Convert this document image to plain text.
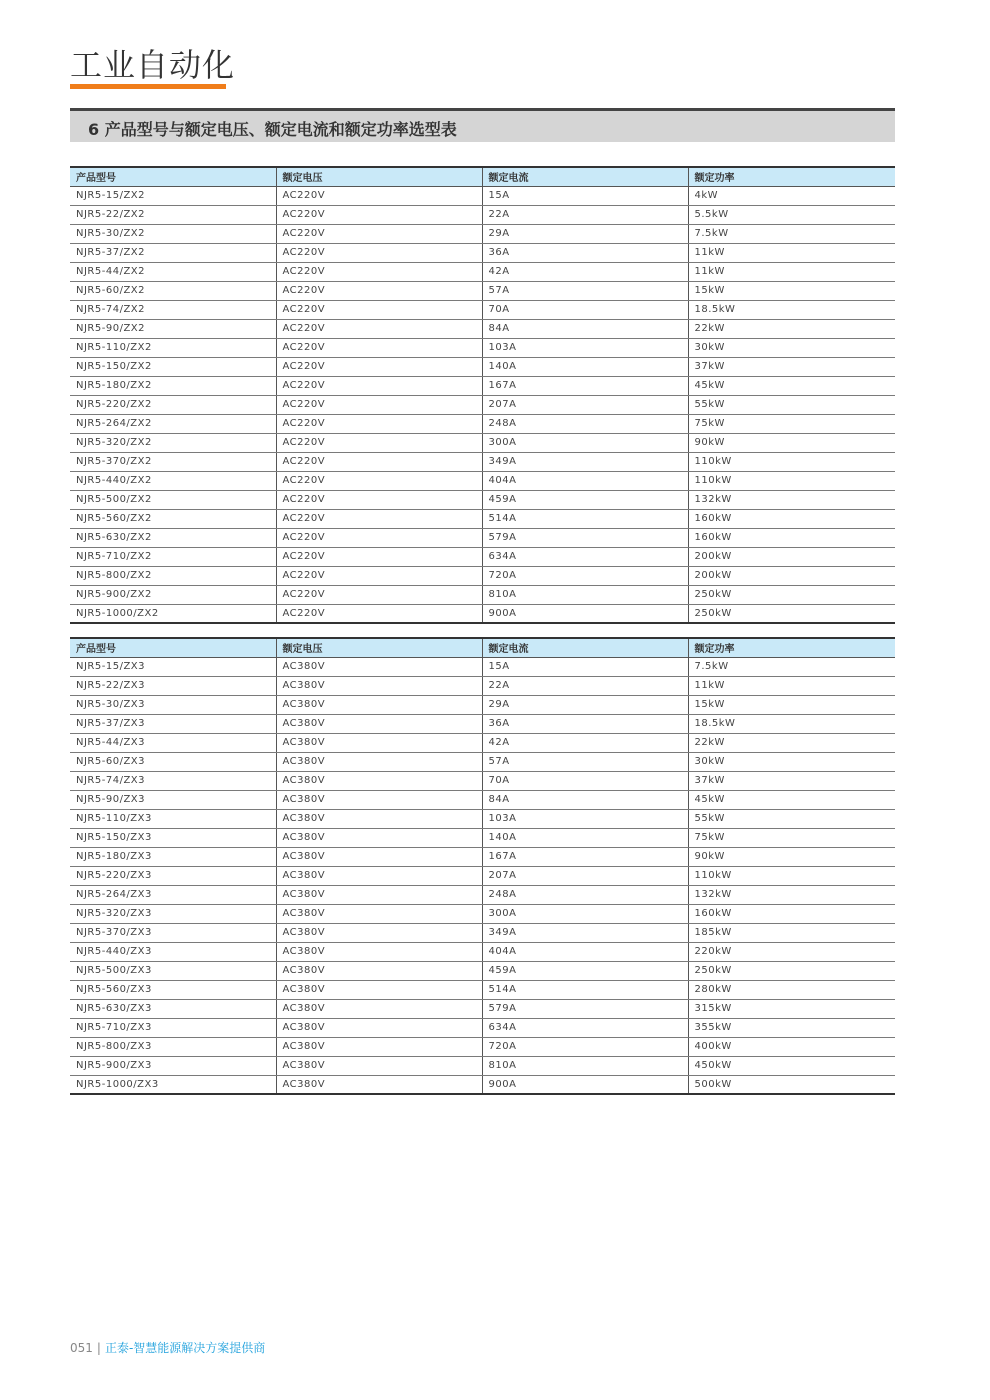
工业自动化
6 产品型号与额定电压、额定电流和额定功率选型表
产品型号	额定电压	额定电流	额定功率
NJR5-15/ZX2	AC220V	15A	4kW
NJR5-22/ZX2	AC220V	22A	5.5kW
NJR5-30/ZX2	AC220V	29A	7.5kW
NJR5-37/ZX2	AC220V	36A	11kW
NJR5-44/ZX2	AC220V	42A	11kW
NJR5-60/ZX2	AC220V	57A	15kW
NJR5-74/ZX2	AC220V	70A	18.5kW
NJR5-90/ZX2	AC220V	84A	22kW
NJR5-110/ZX2	AC220V	103A	30kW
NJR5-150/ZX2	AC220V	140A	37kW
NJR5-180/ZX2	AC220V	167A	45kW
NJR5-220/ZX2	AC220V	207A	55kW
NJR5-264/ZX2	AC220V	248A	75kW
NJR5-320/ZX2	AC220V	300A	90kW
NJR5-370/ZX2	AC220V	349A	110kW
NJR5-440/ZX2	AC220V	404A	110kW
NJR5-500/ZX2	AC220V	459A	132kW
NJR5-560/ZX2	AC220V	514A	160kW
NJR5-630/ZX2	AC220V	579A	160kW
NJR5-710/ZX2	AC220V	634A	200kW
NJR5-800/ZX2	AC220V	720A	200kW
NJR5-900/ZX2	AC220V	810A	250kW
NJR5-1000/ZX2	AC220V	900A	250kW
产品型号	额定电压	额定电流	额定功率
NJR5-15/ZX3	AC380V	15A	7.5kW
NJR5-22/ZX3	AC380V	22A	11kW
NJR5-30/ZX3	AC380V	29A	15kW
NJR5-37/ZX3	AC380V	36A	18.5kW
NJR5-44/ZX3	AC380V	42A	22kW
NJR5-60/ZX3	AC380V	57A	30kW
NJR5-74/ZX3	AC380V	70A	37kW
NJR5-90/ZX3	AC380V	84A	45kW
NJR5-110/ZX3	AC380V	103A	55kW
NJR5-150/ZX3	AC380V	140A	75kW
NJR5-180/ZX3	AC380V	167A	90kW
NJR5-220/ZX3	AC380V	207A	110kW
NJR5-264/ZX3	AC380V	248A	132kW
NJR5-320/ZX3	AC380V	300A	160kW
NJR5-370/ZX3	AC380V	349A	185kW
NJR5-440/ZX3	AC380V	404A	220kW
NJR5-500/ZX3	AC380V	459A	250kW
NJR5-560/ZX3	AC380V	514A	280kW
NJR5-630/ZX3	AC380V	579A	315kW
NJR5-710/ZX3	AC380V	634A	355kW
NJR5-800/ZX3	AC380V	720A	400kW
NJR5-900/ZX3	AC380V	810A	450kW
NJR5-1000/ZX3	AC380V	900A	500kW
051 | 正泰-智慧能源解决方案提供商
